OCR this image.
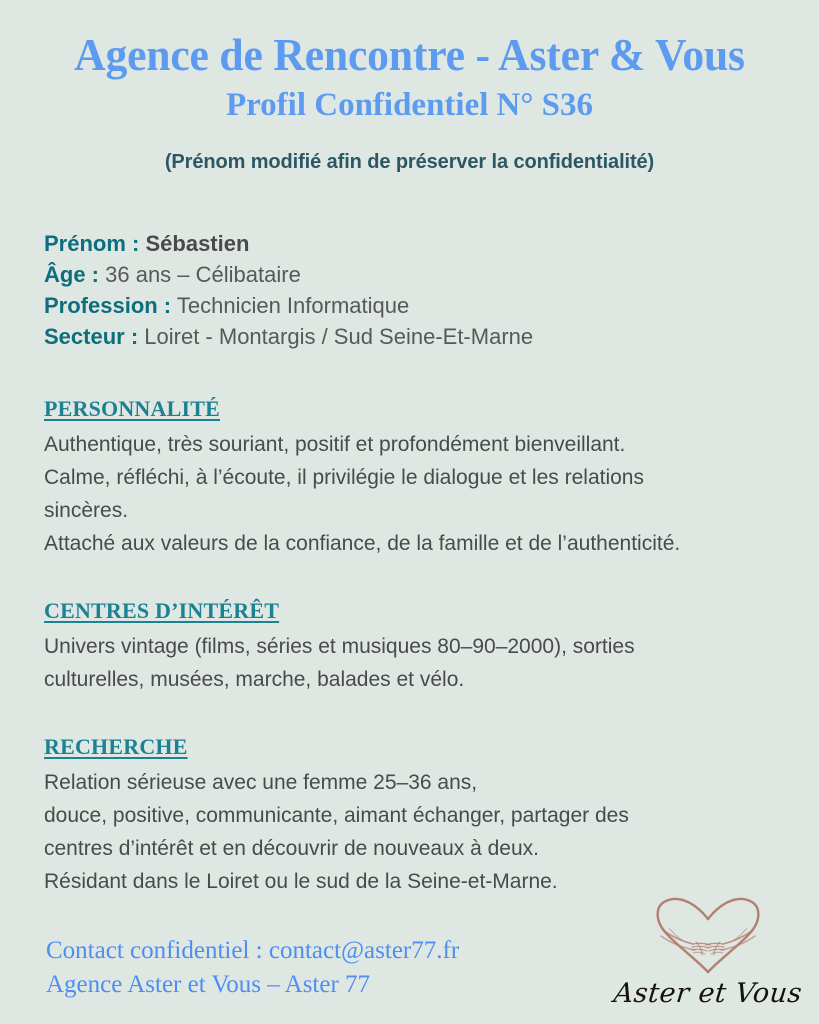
Agence de Rencontre - Aster & Vous
Profil Confidentiel N° S36

(Prénom modifié afin de préserver la confidentialité)

Prénom : Sébastien
Âge : 36 ans – Célibataire
Profession : Technicien Informatique
Secteur : Loiret - Montargis / Sud Seine-Et-Marne
PERSONNALITÉ
Authentique, très souriant, positif et profondément bienveillant.
Calme, réfléchi, à l’écoute, il privilégie le dialogue et les relations
sincères.
Attaché aux valeurs de la confiance, de la famille et de l’authenticité.
CENTRES D’INTÉRÊT
Univers vintage (films, séries et musiques 80–90–2000), sorties
culturelles, musées, marche, balades et vélo.
RECHERCHE
Relation sérieuse avec une femme 25–36 ans,
douce, positive, communicante, aimant échanger, partager des
centres d’intérêt et en découvrir de nouveaux à deux.
Résidant dans le Loiret ou le sud de la Seine-et-Marne.
Contact confidentiel : contact@aster77.fr
Agence Aster et Vous – Aster 77	Aster et Vous
